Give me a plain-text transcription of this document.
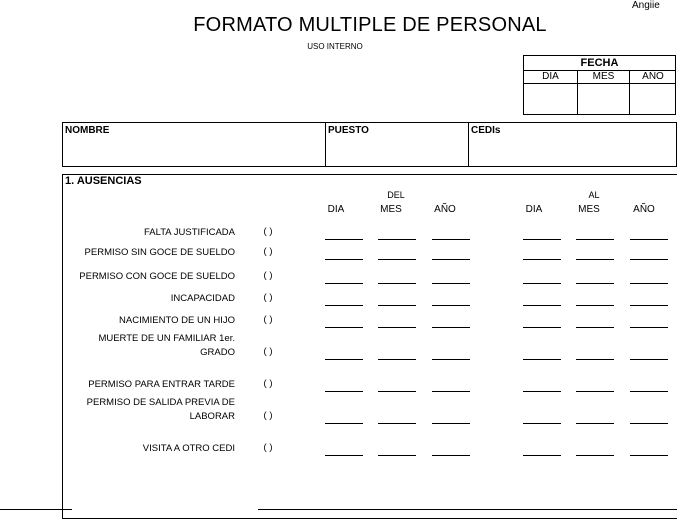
FORMATO MULTIPLE DE PERSONAL
USO INTERNO
Angiie
FECHA
DIA	MES	AÑO
NOMBRE	PUESTO	CEDIs
1. AUSENCIAS
DEL	AL
DIA	MES	AÑO	DIA	MES	AÑO
FALTA JUSTIFICADA	( )
PERMISO SIN GOCE DE SUELDO	( )
PERMISO CON GOCE DE SUELDO	( )
INCAPACIDAD	( )
NACIMIENTO DE UN HIJO	( )
MUERTE DE UN FAMILIAR 1er.
GRADO	( )
PERMISO PARA ENTRAR TARDE	( )
PERMISO DE SALIDA PREVIA DE
LABORAR	( )
VISITA A OTRO CEDI	( )
